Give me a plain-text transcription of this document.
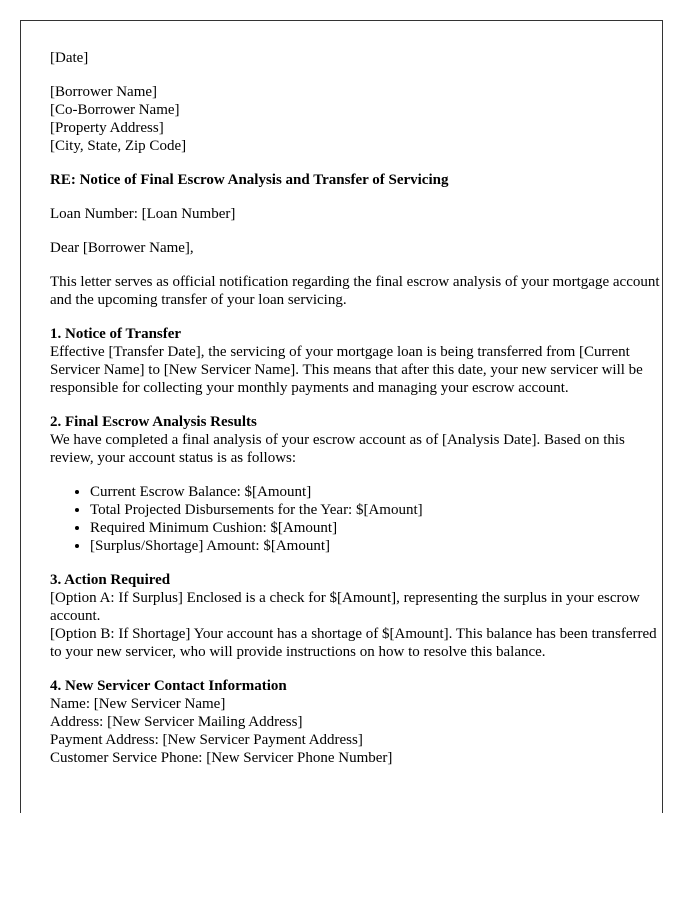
[Date]

[Borrower Name]
[Co-Borrower Name]
[Property Address]
[City, State, Zip Code]

RE: Notice of Final Escrow Analysis and Transfer of Servicing

Loan Number: [Loan Number]

Dear [Borrower Name],

This letter serves as official notification regarding the final escrow analysis of your mortgage account and the upcoming transfer of your loan servicing.

1. Notice of Transfer
Effective [Transfer Date], the servicing of your mortgage loan is being transferred from [Current Servicer Name] to [New Servicer Name]. This means that after this date, your new servicer will be responsible for collecting your monthly payments and managing your escrow account.
2. Final Escrow Analysis Results
We have completed a final analysis of your escrow account as of [Analysis Date]. Based on this review, your account status is as follows:
• Current Escrow Balance: $[Amount]
• Total Projected Disbursements for the Year: $[Amount]
• Required Minimum Cushion: $[Amount]
• [Surplus/Shortage] Amount: $[Amount]
3. Action Required
[Option A: If Surplus] Enclosed is a check for $[Amount], representing the surplus in your escrow account.
[Option B: If Shortage] Your account has a shortage of $[Amount]. This balance has been transferred to your new servicer, who will provide instructions on how to resolve this balance.
4. New Servicer Contact Information
Name: [New Servicer Name]
Address: [New Servicer Mailing Address]
Payment Address: [New Servicer Payment Address]
Customer Service Phone: [New Servicer Phone Number]
